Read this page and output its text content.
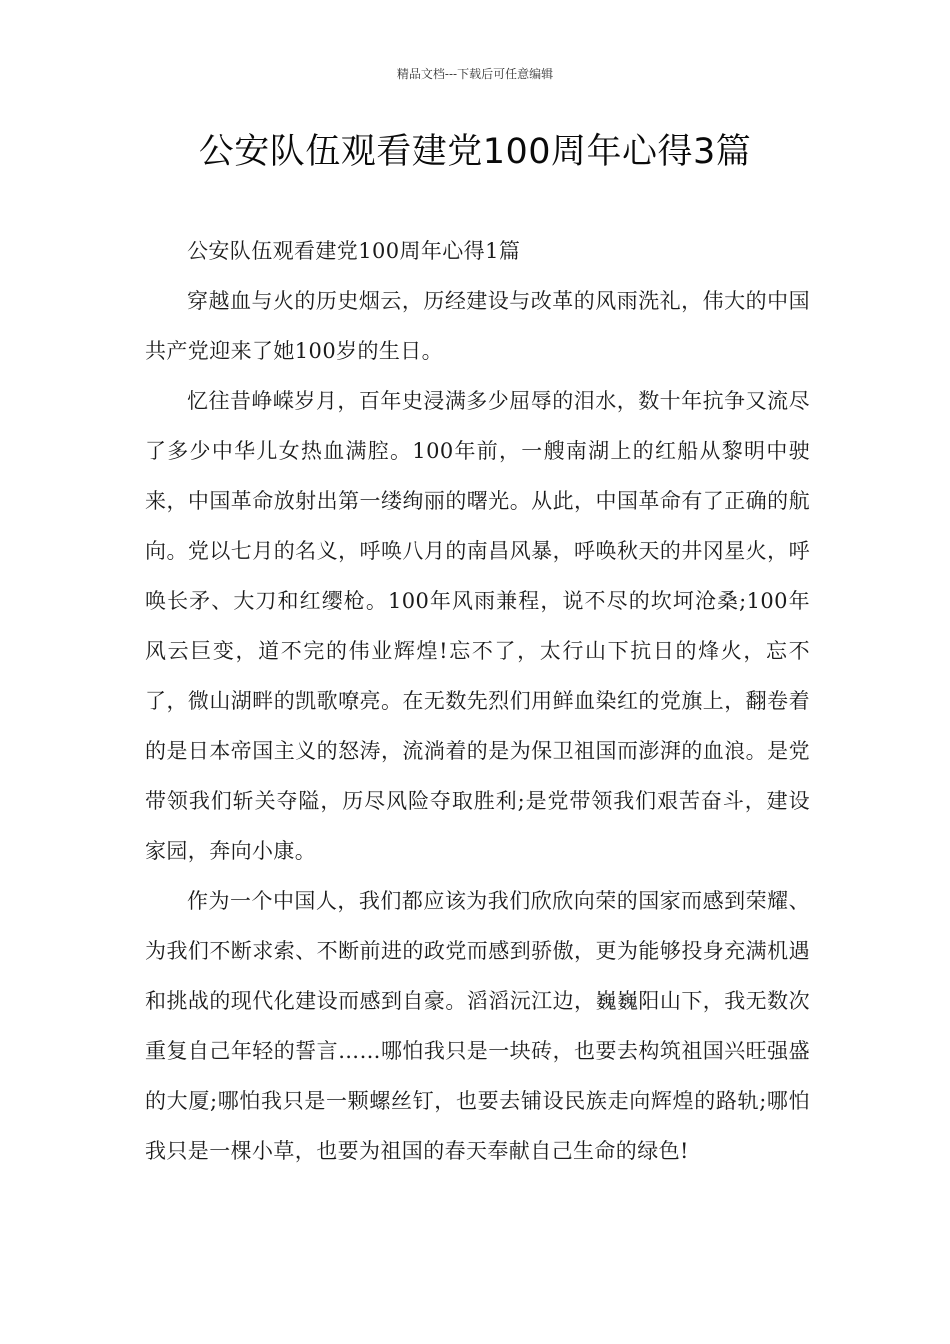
精品文档---下载后可任意编辑
公安队伍观看建党100周年心得3篇

公安队伍观看建党100周年心得1篇

穿越血与火的历史烟云，历经建设与改革的风雨洗礼，伟大的中国共产党迎来了她100岁的生日。

忆往昔峥嵘岁月，百年史浸满多少屈辱的泪水，数十年抗争又流尽了多少中华儿女热血满腔。100年前，一艘南湖上的红船从黎明中驶来，中国革命放射出第一缕绚丽的曙光。从此，中国革命有了正确的航向。党以七月的名义，呼唤八月的南昌风暴，呼唤秋天的井冈星火，呼唤长矛、大刀和红缨枪。100年风雨兼程，说不尽的坎坷沧桑;100年风云巨变，道不完的伟业辉煌!忘不了，太行山下抗日的烽火，忘不了，微山湖畔的凯歌嘹亮。在无数先烈们用鲜血染红的党旗上，翻卷着的是日本帝国主义的怒涛，流淌着的是为保卫祖国而澎湃的血浪。是党带领我们斩关夺隘，历尽风险夺取胜利;是党带领我们艰苦奋斗，建设家园，奔向小康。

作为一个中国人，我们都应该为我们欣欣向荣的国家而感到荣耀、为我们不断求索、不断前进的政党而感到骄傲，更为能够投身充满机遇和挑战的现代化建设而感到自豪。滔滔沅江边，巍巍阳山下，我无数次重复自己年轻的誓言……哪怕我只是一块砖，也要去构筑祖国兴旺强盛的大厦;哪怕我只是一颗螺丝钉，也要去铺设民族走向辉煌的路轨;哪怕我只是一棵小草，也要为祖国的春天奉献自己生命的绿色!
